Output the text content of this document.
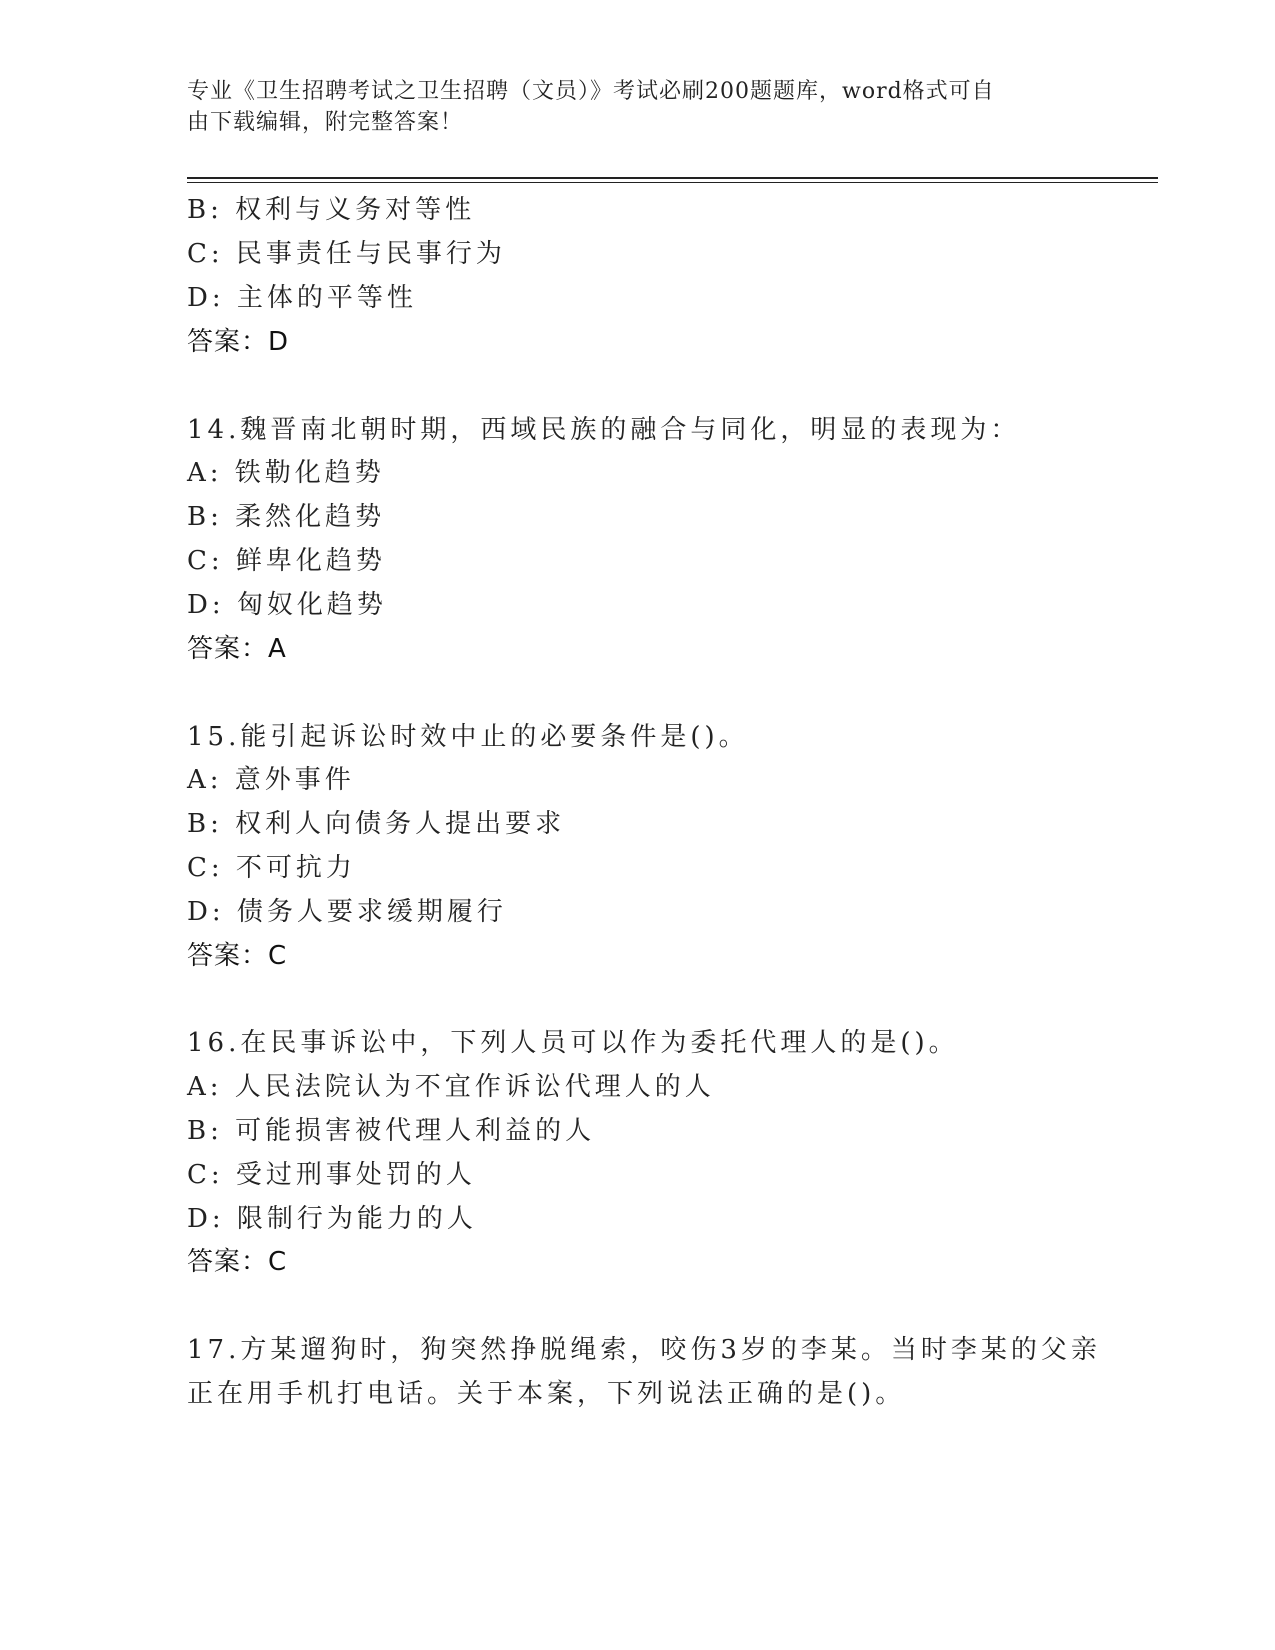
专业《卫生招聘考试之卫生招聘（文员）》考试必刷200题题库，word格式可自
由下载编辑，附完整答案！
B: 权利与义务对等性
C: 民事责任与民事行为
D: 主体的平等性
答案：D
14.魏晋南北朝时期，西域民族的融合与同化，明显的表现为：
A: 铁勒化趋势
B: 柔然化趋势
C: 鲜卑化趋势
D: 匈奴化趋势
答案：A
15.能引起诉讼时效中止的必要条件是()。
A: 意外事件
B: 权利人向债务人提出要求
C: 不可抗力
D: 债务人要求缓期履行
答案：C
16.在民事诉讼中，下列人员可以作为委托代理人的是()。
A: 人民法院认为不宜作诉讼代理人的人
B: 可能损害被代理人利益的人
C: 受过刑事处罚的人
D: 限制行为能力的人
答案：C
17.方某遛狗时，狗突然挣脱绳索，咬伤3岁的李某。当时李某的父亲
正在用手机打电话。关于本案，下列说法正确的是()。
